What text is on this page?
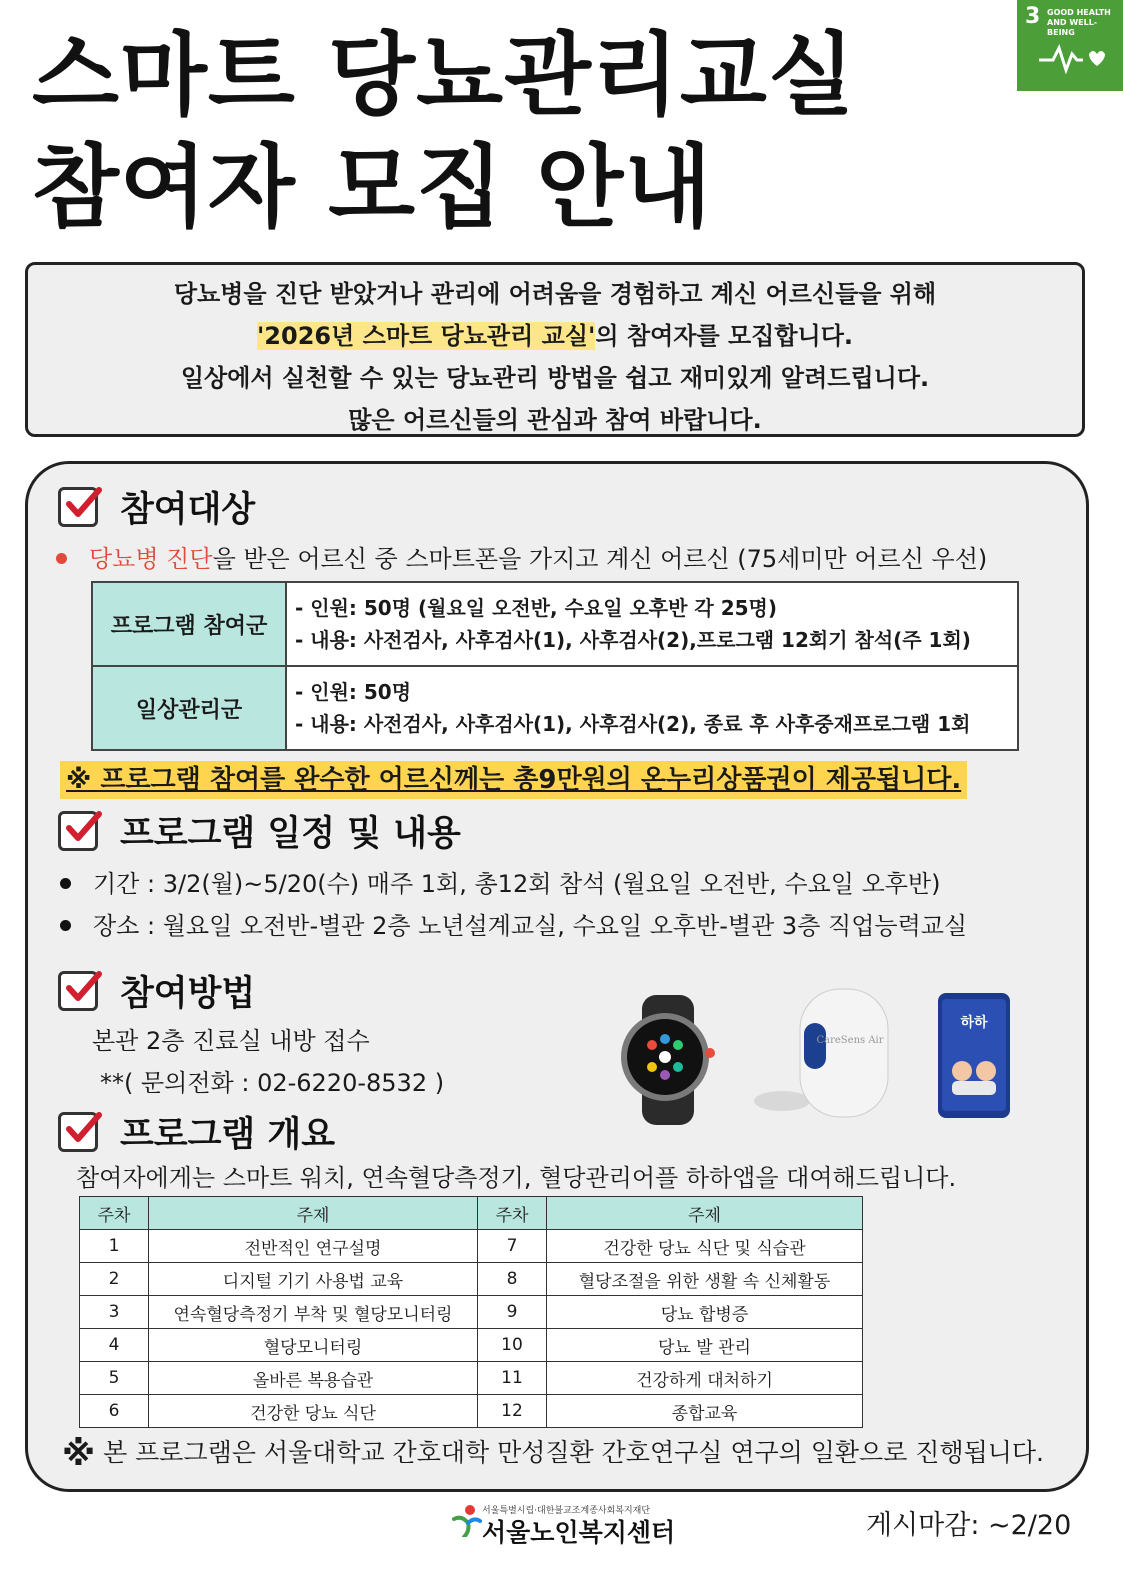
스마트 당뇨관리교실
참여자 모집 안내
3 GOOD HEALTH AND WELL-BEING
당뇨병을 진단 받았거나 관리에 어려움을 경험하고 계신 어르신들을 위해
'2026년 스마트 당뇨관리 교실'의 참여자를 모집합니다.
일상에서 실천할 수 있는 당뇨관리 방법을 쉽고 재미있게 알려드립니다.
많은 어르신들의 관심과 참여 바랍니다.
참여대상
당뇨병 진단을 받은 어르신 중 스마트폰을 가지고 계신 어르신 (75세미만 어르신 우선)
프로그램 참여군	- 인원: 50명 (월요일 오전반, 수요일 오후반 각 25명)
- 내용: 사전검사, 사후검사(1), 사후검사(2),프로그램 12회기 참석(주 1회)

일상관리군	- 인원: 50명
- 내용: 사전검사, 사후검사(1), 사후검사(2), 종료 후 사후중재프로그램 1회
※ 프로그램 참여를 완수한 어르신께는 총9만원의 온누리상품권이 제공됩니다.
프로그램 일정 및 내용
기간 : 3/2(월)~5/20(수) 매주 1회, 총12회 참석 (월요일 오전반, 수요일 오후반)
장소 : 월요일 오전반-별관 2층 노년설계교실, 수요일 오후반-별관 3층 직업능력교실
참여방법
본관 2층 진료실 내방 접수
**( 문의전화 : 02-6220-8532 )
CareSens Air
하하
프로그램 개요
참여자에게는 스마트 워치, 연속혈당측정기, 혈당관리어플 하하앱을 대여해드립니다.
주차	주제	주차	주제
1	전반적인 연구설명	7	건강한 당뇨 식단 및 식습관
2	디지털 기기 사용법 교육	8	혈당조절을 위한 생활 속 신체활동
3	연속혈당측정기 부착 및 혈당모니터링	9	당뇨 합병증
4	혈당모니터링	10	당뇨 발 관리
5	올바른 복용습관	11	건강하게 대처하기
6	건강한 당뇨 식단	12	종합교육
※ 본 프로그램은 서울대학교 간호대학 만성질환 간호연구실 연구의 일환으로 진행됩니다.
서울특별시립·대한불교조계종사회복지재단
서울노인복지센터	게시마감: ~2/20
